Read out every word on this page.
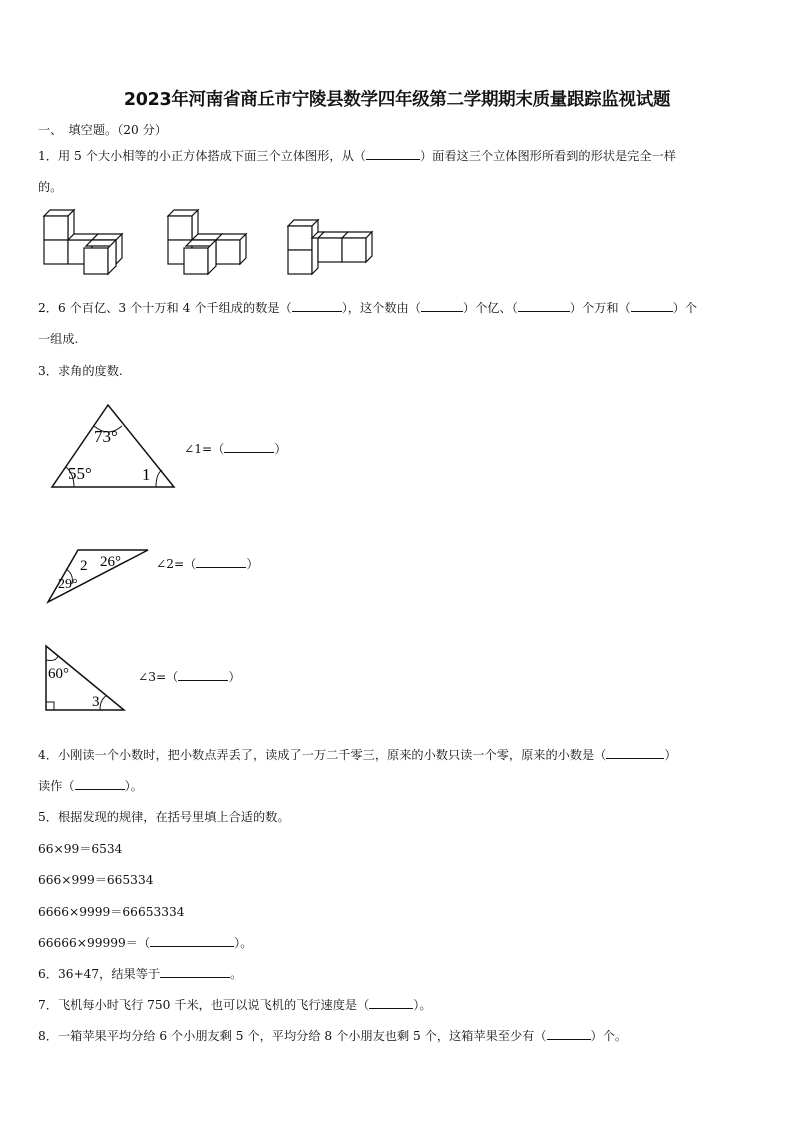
2023年河南省商丘市宁陵县数学四年级第二学期期末质量跟踪监视试题
一、　填空题。（20 分）
1．用 5 个大小相等的小正方体搭成下面三个立体图形，从（	）面看这三个立体图形所看到的形状是完全一样
的。
2．6 个百亿、3 个十万和 4 个千组成的数是（	），这个数由（	）个亿、（	）个万和（	）个
一组成.
3．求角的度数.
73°
55°	1
∠1=（	）
2 26°
29°
∠2=（	）
60°
3
∠3=（	）
4．小刚读一个小数时，把小数点弄丢了，读成了一万二千零三，原来的小数只读一个零，原来的小数是（	）
读作（	）。
5．根据发现的规律，在括号里填上合适的数。
66×99＝6534
666×999＝665334
6666×9999＝66653334
66666×99999＝（	）。
6．36+47，结果等于	。
7．飞机每小时飞行 750 千米，也可以说飞机的飞行速度是（	）。
8．一箱苹果平均分给 6 个小朋友剩 5 个，平均分给 8 个小朋友也剩 5 个，这箱苹果至少有（	）个。
